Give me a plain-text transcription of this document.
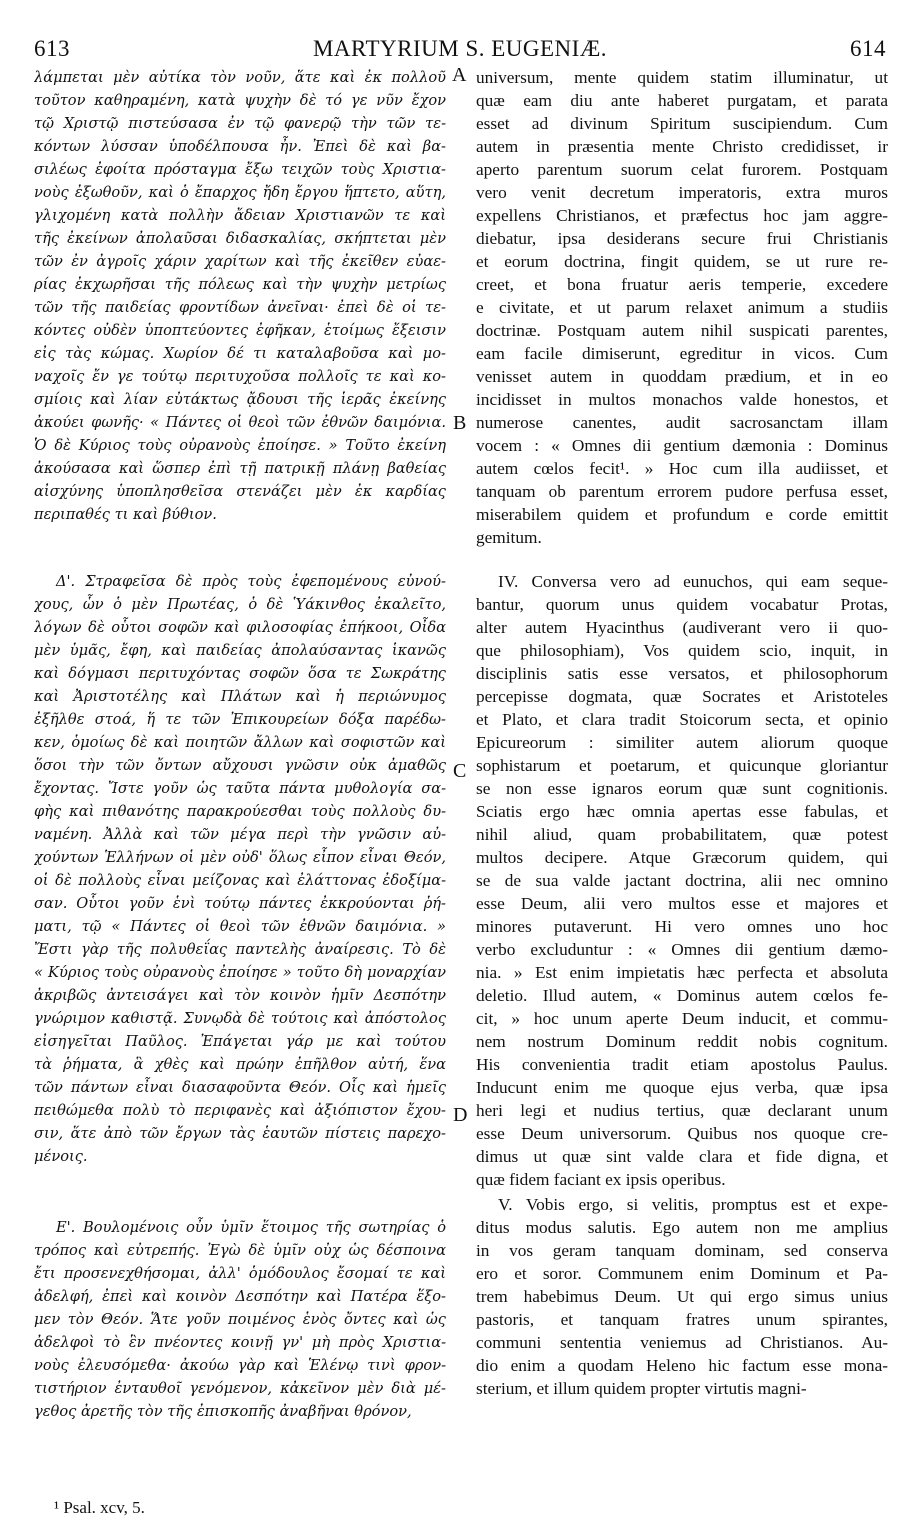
613	MARTYRIUM S. EUGENIÆ.	614

λάμπεται μὲν αὐτίκα τὸν νοῦν, ἅτε καὶ ἐκ πολλοῦ
τοῦτον καθηραμένη, κατὰ ψυχὴν δὲ τό γε νῦν ἔχον
τῷ Χριστῷ πιστεύσασα ἐν τῷ φανερῷ τὴν τῶν τε-
κόντων λύσσαν ὑποδέλπουσα ἦν. Ἐπεὶ δὲ καὶ βα-
σιλέως ἐφοίτα πρόσταγμα ἔξω τειχῶν τοὺς Χριστια-
νοὺς ἐξωθοῦν, καὶ ὁ ἔπαρχος ἤδη ἔργου ἥπτετο, αὕτη,
γλιχομένη κατὰ πολλὴν ἄδειαν Χριστιανῶν τε καὶ
τῆς ἐκείνων ἀπολαῦσαι διδασκαλίας, σκήπτεται μὲν
τῶν ἐν ἀγροῖς χάριν χαρίτων καὶ τῆς ἐκεῖθεν εὐαε-
ρίας ἐκχωρῆσαι τῆς πόλεως καὶ τὴν ψυχὴν μετρίως
τῶν τῆς παιδείας φροντίδων ἀνεῖναι· ἐπεὶ δὲ οἱ τε-
κόντες οὐδὲν ὑποπτεύοντες ἐφῆκαν, ἑτοίμως ἔξεισιν
εἰς τὰς κώμας. Χωρίον δέ τι καταλαβοῦσα καὶ μο-
ναχοῖς ἔν γε τούτῳ περιτυχοῦσα πολλοῖς τε καὶ κο-
σμίοις καὶ λίαν εὐτάκτως ᾄδουσι τῆς ἱερᾶς ἐκείνης
ἀκούει φωνῆς· « Πάντες οἱ θεοὶ τῶν ἐθνῶν δαιμόνια.
Ὁ δὲ Κύριος τοὺς οὐρανοὺς ἐποίησε. » Τοῦτο ἐκείνη
ἀκούσασα καὶ ὥσπερ ἐπὶ τῇ πατρικῇ πλάνῃ βαθείας
αἰσχύνης ὑποπλησθεῖσα στενάζει μὲν ἐκ καρδίας
περιπαθές τι καὶ βύθιον.

Δ'. Στραφεῖσα δὲ πρὸς τοὺς ἐφεπομένους εὐνού-
χους, ὧν ὁ μὲν Πρωτέας, ὁ δὲ Ὑάκινθος ἐκαλεῖτο,
λόγων δὲ οὗτοι σοφῶν καὶ φιλοσοφίας ἐπήκοοι, Οἶδα
μὲν ὑμᾶς, ἔφη, καὶ παιδείας ἀπολαύσαντας ἱκανῶς
καὶ δόγμασι περιτυχόντας σοφῶν ὅσα τε Σωκράτης
καὶ Ἀριστοτέλης καὶ Πλάτων καὶ ἡ περιώνυμος
ἐξῆλθε στοά, ἥ τε τῶν Ἐπικουρείων δόξα παρέδω-
κεν, ὁμοίως δὲ καὶ ποιητῶν ἄλλων καὶ σοφιστῶν καὶ
ὅσοι τὴν τῶν ὄντων αὔχουσι γνῶσιν οὐκ ἀμαθῶς
ἔχοντας. Ἴστε γοῦν ὡς ταῦτα πάντα μυθολογία σα-
φὴς καὶ πιθανότης παρακρούεσθαι τοὺς πολλοὺς δυ-
ναμένη. Ἀλλὰ καὶ τῶν μέγα περὶ τὴν γνῶσιν αὐ-
χούντων Ἑλλήνων οἱ μὲν οὐδ' ὅλως εἶπον εἶναι Θεόν,
οἱ δὲ πολλοὺς εἶναι μείζονας καὶ ἐλάττονας ἐδοξίμα-
σαν. Οὗτοι γοῦν ἑνὶ τούτῳ πάντες ἐκκρούονται ῥή-
ματι, τῷ « Πάντες οἱ θεοὶ τῶν ἐθνῶν δαιμόνια. »
Ἔστι γὰρ τῆς πολυθεΐας παντελὴς ἀναίρεσις. Τὸ δὲ
« Κύριος τοὺς οὐρανοὺς ἐποίησε » τοῦτο δὴ μοναρχίαν
ἀκριβῶς ἀντεισάγει καὶ τὸν κοινὸν ἡμῖν Δεσπότην
γνώριμον καθιστᾷ. Συνῳδὰ δὲ τούτοις καὶ ἀπόστολος
εἰσηγεῖται Παῦλος. Ἐπάγεται γάρ με καὶ τούτου
τὰ ῥήματα, ἃ χθὲς καὶ πρώην ἐπῆλθον αὐτή, ἕνα
τῶν πάντων εἶναι διασαφοῦντα Θεόν. Οἷς καὶ ἡμεῖς
πειθώμεθα πολὺ τὸ περιφανὲς καὶ ἀξιόπιστον ἔχου-
σιν, ἅτε ἀπὸ τῶν ἔργων τὰς ἑαυτῶν πίστεις παρεχο-
μένοις.

Ε'. Βουλομένοις οὖν ὑμῖν ἕτοιμος τῆς σωτηρίας ὁ
τρόπος καὶ εὐτρεπής. Ἐγὼ δὲ ὑμῖν οὐχ ὡς δέσποινα
ἔτι προσενεχθήσομαι, ἀλλ' ὁμόδουλος ἔσομαί τε καὶ
ἀδελφή, ἐπεὶ καὶ κοινὸν Δεσπότην καὶ Πατέρα ἕξο-
μεν τὸν Θεόν. Ἅτε γοῦν ποιμένος ἑνὸς ὄντες καὶ ὡς
ἀδελφοὶ τὸ ἓν πνέοντες κοινῇ γν' μὴ πρὸς Χριστια-
νοὺς ἐλευσόμεθα· ἀκούω γὰρ καὶ Ἑλένῳ τινὶ φρον-
τιστήριον ἐνταυθοῖ γενόμενον, κἀκεῖνον μὲν διὰ μέ-
γεθος ἀρετῆς τὸν τῆς ἐπισκοπῆς ἀναβῆναι θρόνον,

universum, mente quidem statim illuminatur, ut
quæ eam diu ante haberet purgatam, et parata
esset ad divinum Spiritum suscipiendum. Cum
autem in præsentia mente Christo credidisset, ir
aperto parentum suorum celat furorem. Postquam
vero venit decretum imperatoris, extra muros
expellens Christianos, et præfectus hoc jam aggre-
diebatur, ipsa desiderans secure frui Christianis
et eorum doctrina, fingit quidem, se ut rure re-
creet, et bona fruatur aeris temperie, excedere
e civitate, et ut parum relaxet animum a studiis
doctrinæ. Postquam autem nihil suspicati parentes,
eam facile dimiserunt, egreditur in vicos. Cum
venisset autem in quoddam prædium, et in eo
incidisset in multos monachos valde honestos, et
numerose canentes, audit sacrosanctam illam
vocem : « Omnes dii gentium dæmonia : Dominus
autem cœlos fecit¹. » Hoc cum illa audiisset, et
tanquam ob parentum errorem pudore perfusa esset,
miserabilem quidem et profundum e corde emittit
gemitum.

IV. Conversa vero ad eunuchos, qui eam seque-
bantur, quorum unus quidem vocabatur Protas,
alter autem Hyacinthus (audiverant vero ii quo-
que philosophiam), Vos quidem scio, inquit, in
disciplinis satis esse versatos, et philosophorum
percepisse dogmata, quæ Socrates et Aristoteles
et Plato, et clara tradit Stoicorum secta, et opinio
Epicureorum : similiter autem aliorum quoque
sophistarum et poetarum, et quicunque gloriantur
se non esse ignaros eorum quæ sunt cognitionis.
Sciatis ergo hæc omnia apertas esse fabulas, et
nihil aliud, quam probabilitatem, quæ potest
multos decipere. Atque Græcorum quidem, qui
se de sua valde jactant doctrina, alii nec omnino
esse Deum, alii vero multos esse et majores et
minores putaverunt. Hi vero omnes uno hoc
verbo excluduntur : « Omnes dii gentium dæmo-
nia. » Est enim impietatis hæc perfecta et absoluta
deletio. Illud autem, « Dominus autem cœlos fe-
cit, » hoc unum aperte Deum inducit, et commu-
nem nostrum Dominum reddit nobis cognitum.
His convenientia tradit etiam apostolus Paulus.
Inducunt enim me quoque ejus verba, quæ ipsa
heri legi et nudius tertius, quæ declarant unum
esse Deum universorum. Quibus nos quoque cre-
dimus ut quæ sint valde clara et fide digna, et
quæ fidem faciant ex ipsis operibus.

V. Vobis ergo, si velitis, promptus est et expe-
ditus modus salutis. Ego autem non me amplius
in vos geram tanquam dominam, sed conserva
ero et soror. Communem enim Dominum et Pa-
trem habebimus Deum. Ut qui ergo simus unius
pastoris, et tanquam fratres unum spirantes,
communi sententia veniemus ad Christianos. Au-
dio enim a quodam Heleno hic factum esse mona-
sterium, et illum quidem propter virtutis magni-

A
B
C
D
¹ Psal. xcv, 5.
